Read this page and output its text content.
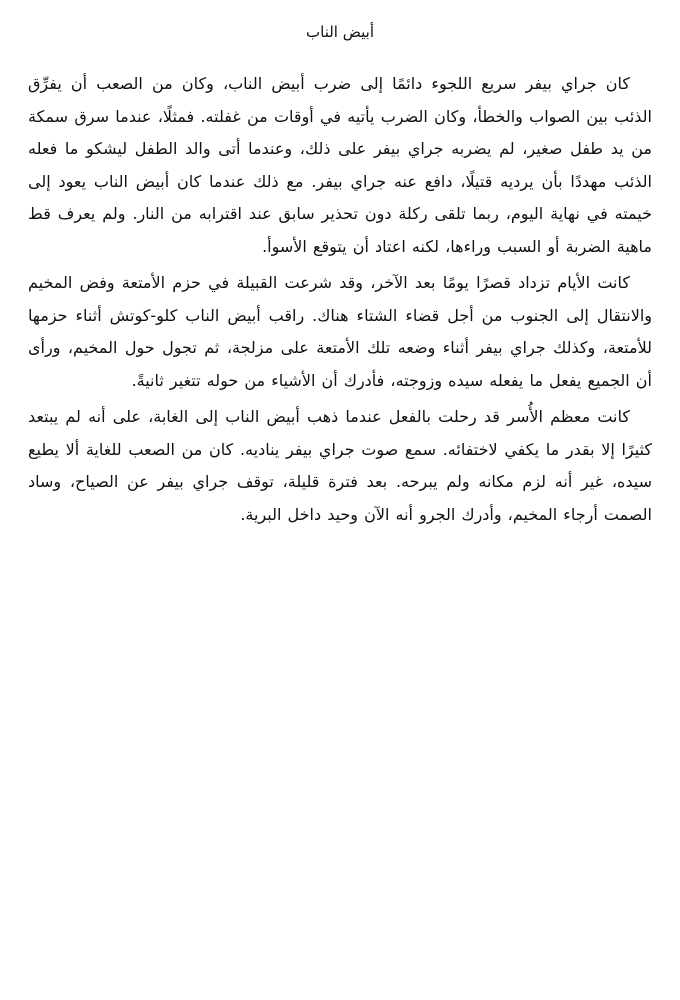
أبيض الناب

كان جراي بيفر سريع اللجوء دائمًا إلى ضرب أبيض الناب، وكان من الصعب أن يفرِّق الذئب بين الصواب والخطأ، وكان الضرب يأتيه في أوقات من غفلته. فمثلًا، عندما سرق سمكة من يد طفل صغير، لم يضربه جراي بيفر على ذلك، وعندما أتى والد الطفل ليشكو ما فعله الذئب مهددًا بأن يرديه قتيلًا، دافع عنه جراي بيفر. مع ذلك عندما كان أبيض الناب يعود إلى خيمته في نهاية اليوم، ربما تلقى ركلة دون تحذير سابق عند اقترابه من النار. ولم يعرف قط ماهية الضربة أو السبب وراءها، لكنه اعتاد أن يتوقع الأسوأ.

كانت الأيام تزداد قصرًا يومًا بعد الآخر، وقد شرعت القبيلة في حزم الأمتعة وفض المخيم والانتقال إلى الجنوب من أجل قضاء الشتاء هناك. راقب أبيض الناب كلو-كوتش أثناء حزمها للأمتعة، وكذلك جراي بيفر أثناء وضعه تلك الأمتعة على مزلجة، ثم تجول حول المخيم، ورأى أن الجميع يفعل ما يفعله سيده وزوجته، فأدرك أن الأشياء من حوله تتغير ثانيةً.

كانت معظم الأُسر قد رحلت بالفعل عندما ذهب أبيض الناب إلى الغابة، على أنه لم يبتعد كثيرًا إلا بقدر ما يكفي لاختفائه. سمع صوت جراي بيفر يناديه. كان من الصعب للغاية ألا يطيع سيده، غير أنه لزم مكانه ولم يبرحه. بعد فترة قليلة، توقف جراي بيفر عن الصياح، وساد الصمت أرجاء المخيم، وأدرك الجرو أنه الآن وحيد داخل البرية.
